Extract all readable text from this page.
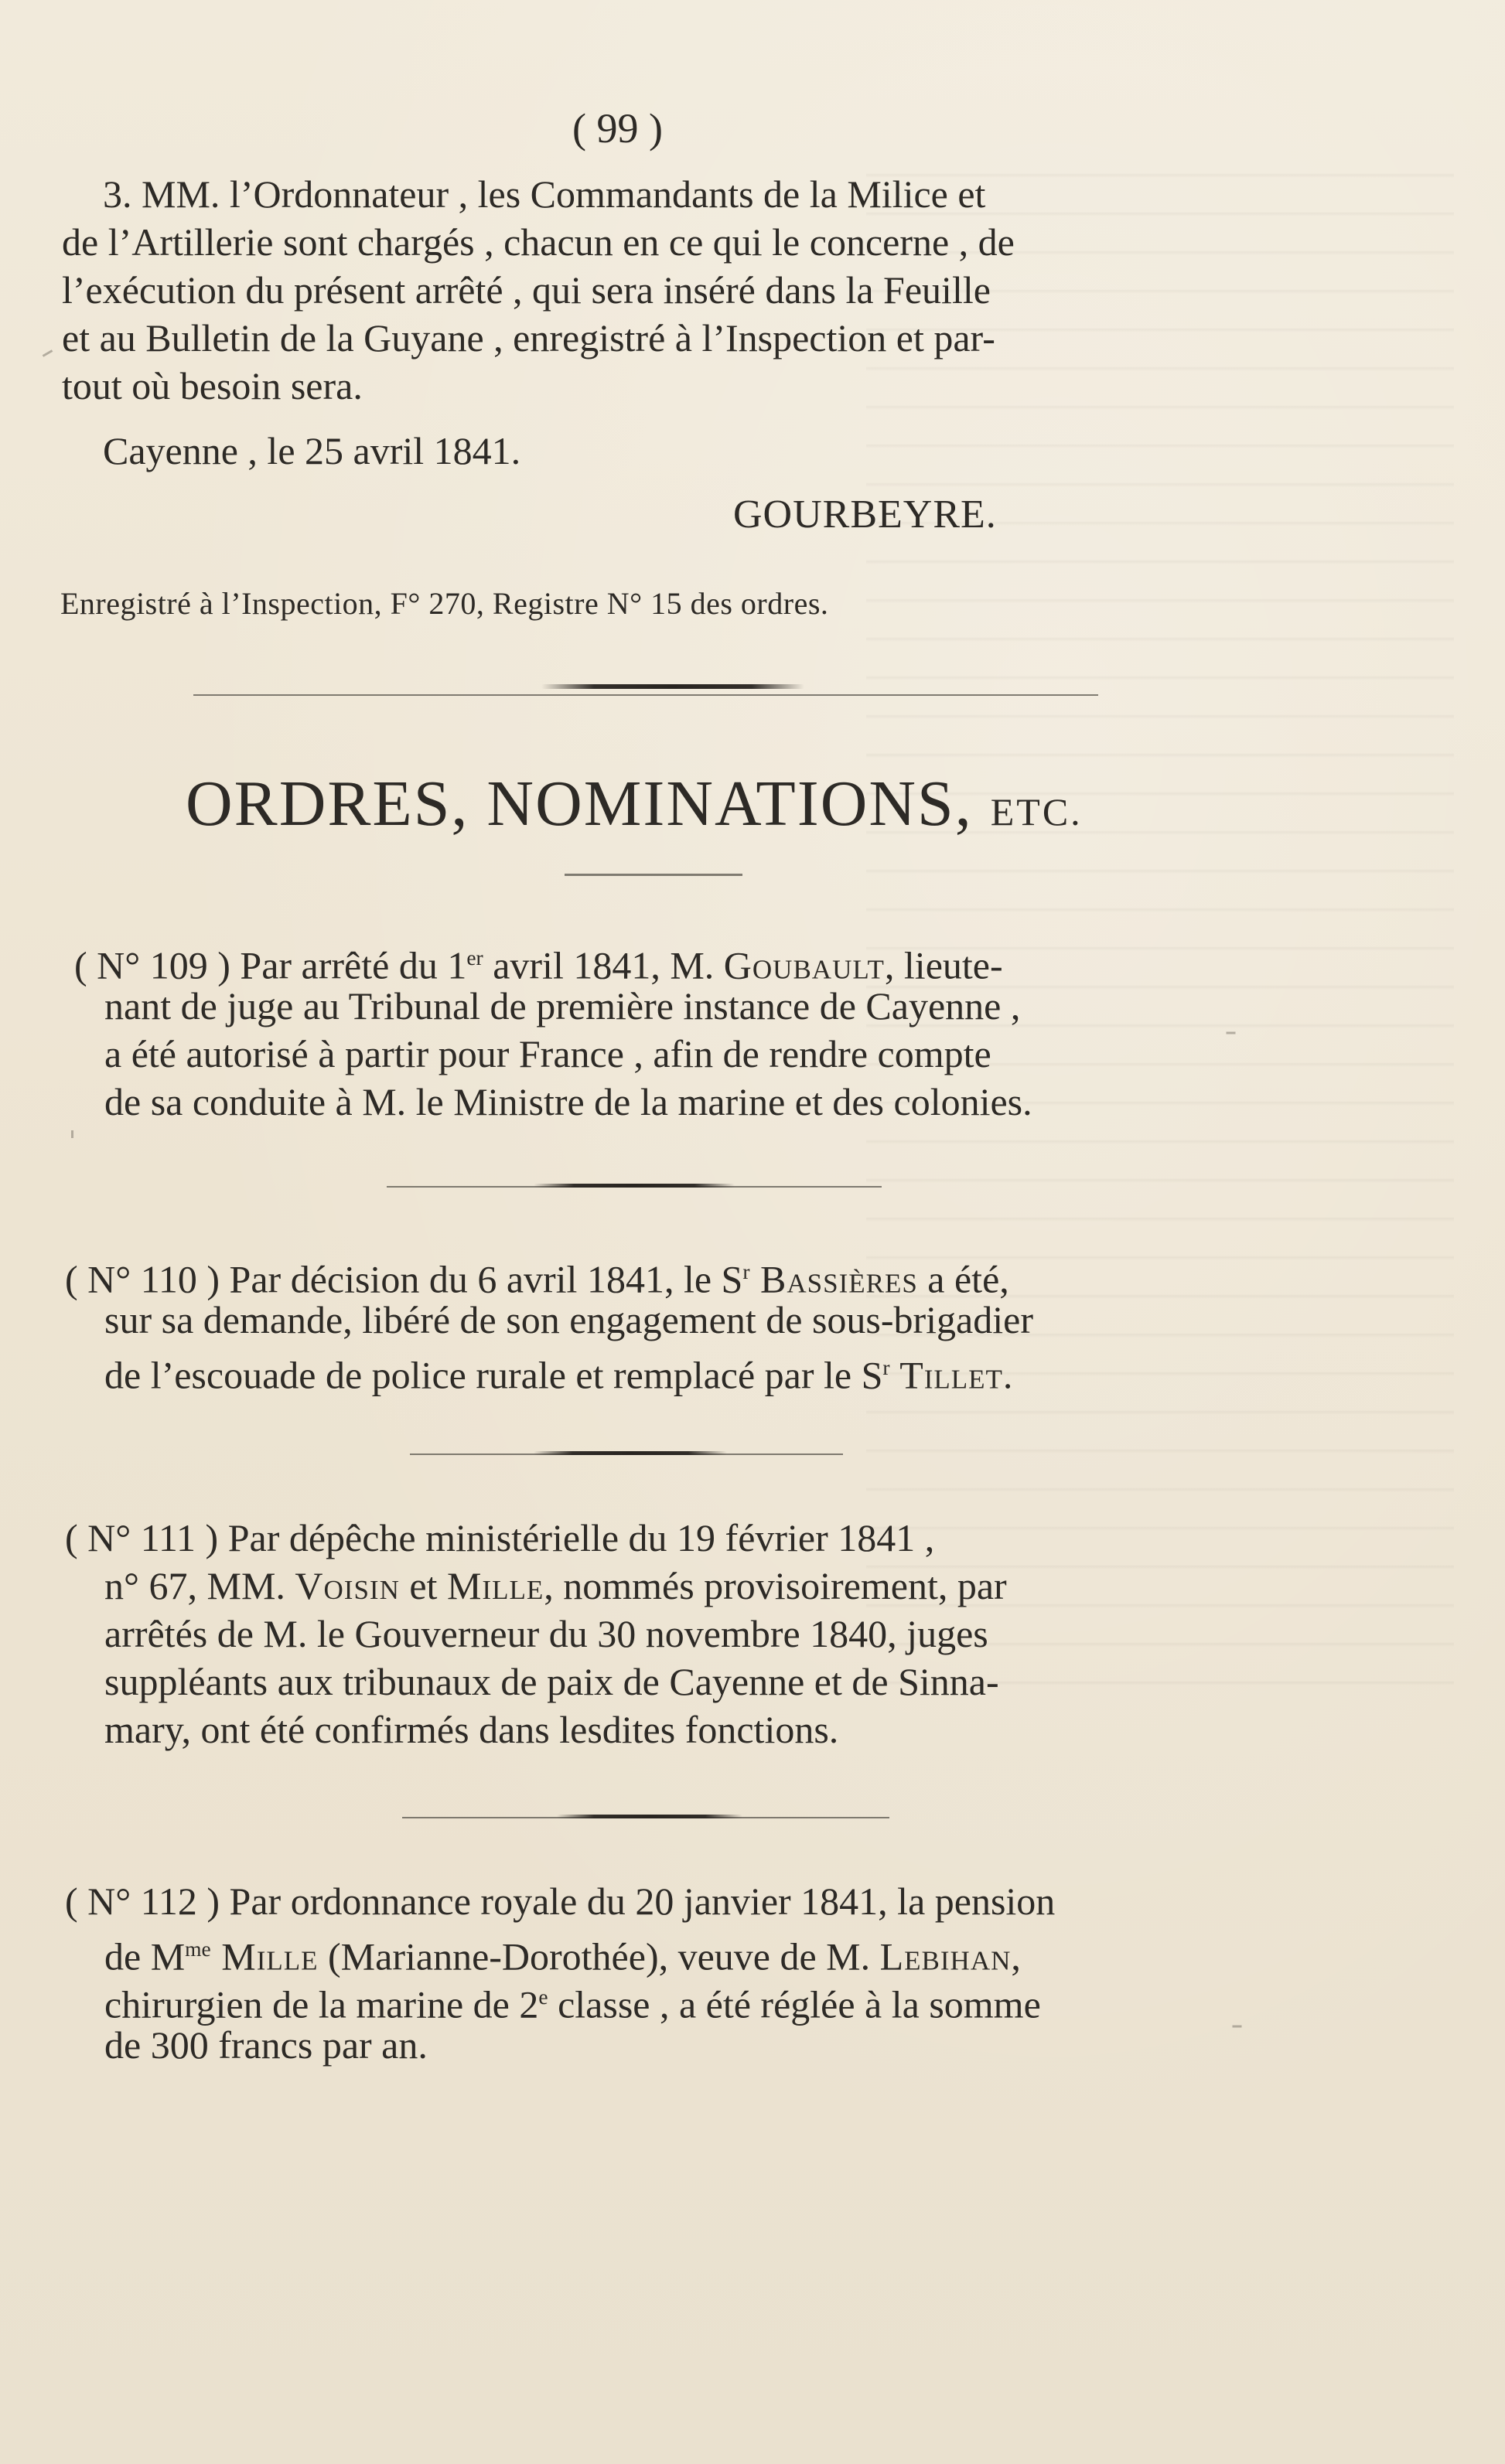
( 99 )
3. MM. l’Ordonnateur , les Commandants de la Milice et
de l’Artillerie sont chargés , chacun en ce qui le concerne , de
l’exécution du présent arrêté , qui sera inséré dans la Feuille
et au Bulletin de la Guyane , enregistré à l’Inspection et par-
tout où besoin sera.
Cayenne , le 25 avril 1841.
GOURBEYRE.
Enregistré à l’Inspection, F° 270, Registre N° 15 des ordres.
ORDRES, NOMINATIONS, ETC.
( N° 109 ) Par arrêté du 1er avril 1841, M. Goubault, lieute-
nant de juge au Tribunal de première instance de Cayenne ,
a été autorisé à partir pour France , afin de rendre compte
de sa conduite à M. le Ministre de la marine et des colonies.
( N° 110 ) Par décision du 6 avril 1841, le $S^r$ Bassières a été,
sur sa demande, libéré de son engagement de sous-brigadier
de l’escouade de police rurale et remplacé par le $S^r$ Tillet.
( N° 111 ) Par dépêche ministérielle du 19 février 1841 ,
n° 67, MM. Voisin et Mille, nommés provisoirement, par
arrêtés de M. le Gouverneur du 30 novembre 1840, juges
suppléants aux tribunaux de paix de Cayenne et de Sinna-
mary, ont été confirmés dans lesdites fonctions.
( N° 112 ) Par ordonnance royale du 20 janvier 1841, la pension
de $M^{me}$ Mille (Marianne-Dorothée), veuve de M. Lebihan,
chirurgien de la marine de 2e classe , a été réglée à la somme
de 300 francs par an.
